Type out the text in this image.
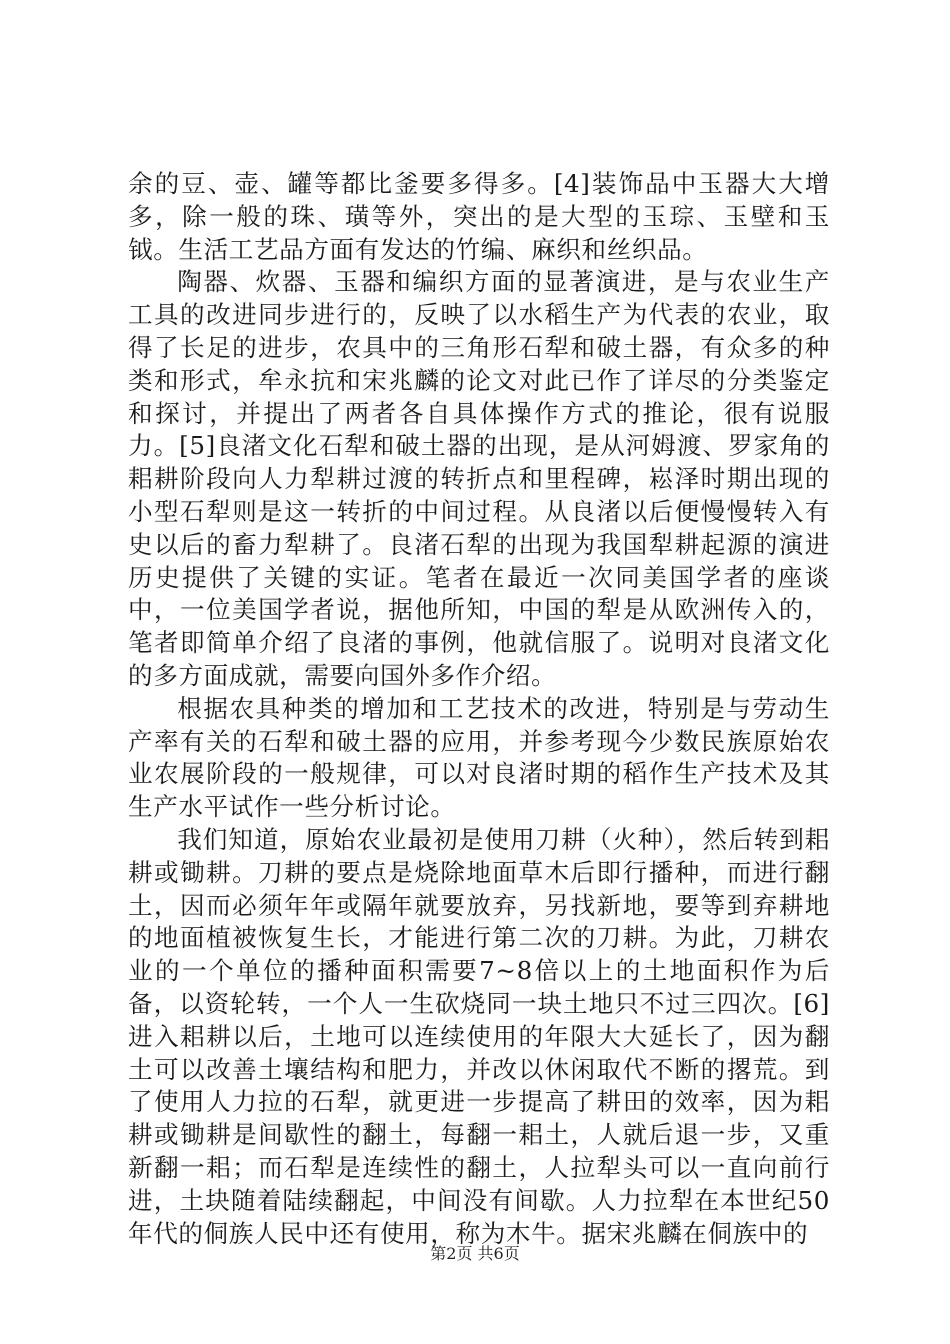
余的豆、壶、罐等都比釜要多得多。[4]装饰品中玉器大大增多，除一般的珠、璜等外，突出的是大型的玉琮、玉壁和玉钺。生活工艺品方面有发达的竹编、麻织和丝织品。

陶器、炊器、玉器和编织方面的显著演进，是与农业生产工具的改进同步进行的，反映了以水稻生产为代表的农业，取得了长足的进步，农具中的三角形石犁和破土器，有众多的种类和形式，牟永抗和宋兆麟的论文对此已作了详尽的分类鉴定和探讨，并提出了两者各自具体操作方式的推论，很有说服力。[5]良渚文化石犁和破土器的出现，是从河姆渡、罗家角的耜耕阶段向人力犁耕过渡的转折点和里程碑，崧泽时期出现的小型石犁则是这一转折的中间过程。从良渚以后便慢慢转入有史以后的畜力犁耕了。良渚石犁的出现为我国犁耕起源的演进历史提供了关键的实证。笔者在最近一次同美国学者的座谈中，一位美国学者说，据他所知，中国的犁是从欧洲传入的，笔者即简单介绍了良渚的事例，他就信服了。说明对良渚文化的多方面成就，需要向国外多作介绍。

根据农具种类的增加和工艺技术的改进，特别是与劳动生产率有关的石犁和破土器的应用，并参考现今少数民族原始农业农展阶段的一般规律，可以对良渚时期的稻作生产技术及其生产水平试作一些分析讨论。

我们知道，原始农业最初是使用刀耕（火种），然后转到耜耕或锄耕。刀耕的要点是烧除地面草木后即行播种，而进行翻土，因而必须年年或隔年就要放弃，另找新地，要等到弃耕地的地面植被恢复生长，才能进行第二次的刀耕。为此，刀耕农业的一个单位的播种面积需要7~8倍以上的土地面积作为后备，以资轮转，一个人一生砍烧同一块土地只不过三四次。[6]进入耜耕以后，土地可以连续使用的年限大大延长了，因为翻土可以改善土壤结构和肥力，并改以休闲取代不断的撂荒。到了使用人力拉的石犁，就更进一步提高了耕田的效率，因为耜耕或锄耕是间歇性的翻土，每翻一耜土，人就后退一步，又重新翻一耜；而石犁是连续性的翻土，人拉犁头可以一直向前行进，土块随着陆续翻起，中间没有间歇。人力拉犁在本世纪50年代的侗族人民中还有使用，称为木牛。据宋兆麟在侗族中的

第2页 共6页
